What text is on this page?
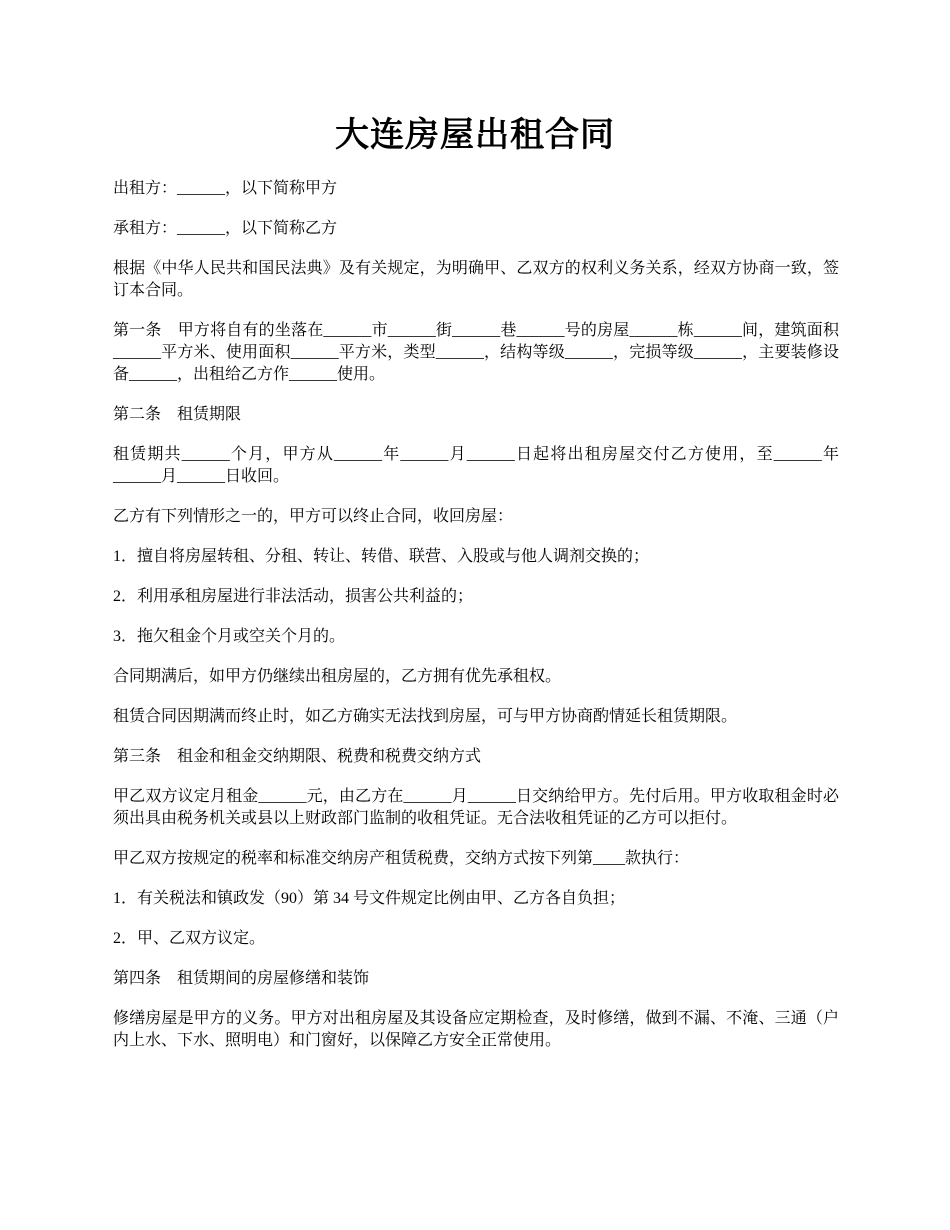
大连房屋出租合同

出租方：______，以下简称甲方

承租方：______，以下简称乙方

根据《中华人民共和国民法典》及有关规定，为明确甲、乙双方的权利义务关系，经双方协商一致，签订本合同。

第一条　甲方将自有的坐落在______市______街______巷______号的房屋______栋______间，建筑面积______平方米、使用面积______平方米，类型______，结构等级______，完损等级______，主要装修设备______，出租给乙方作______使用。

第二条　租赁期限

租赁期共______个月，甲方从______年______月______日起将出租房屋交付乙方使用，至______年______月______日收回。

乙方有下列情形之一的，甲方可以终止合同，收回房屋：

1．擅自将房屋转租、分租、转让、转借、联营、入股或与他人调剂交换的；

2．利用承租房屋进行非法活动，损害公共利益的；

3．拖欠租金个月或空关个月的。

合同期满后，如甲方仍继续出租房屋的，乙方拥有优先承租权。

租赁合同因期满而终止时，如乙方确实无法找到房屋，可与甲方协商酌情延长租赁期限。

第三条　租金和租金交纳期限、税费和税费交纳方式

甲乙双方议定月租金______元，由乙方在______月______日交纳给甲方。先付后用。甲方收取租金时必须出具由税务机关或县以上财政部门监制的收租凭证。无合法收租凭证的乙方可以拒付。

甲乙双方按规定的税率和标准交纳房产租赁税费，交纳方式按下列第____款执行：

1．有关税法和镇政发（90）第 34 号文件规定比例由甲、乙方各自负担；

2．甲、乙双方议定。

第四条　租赁期间的房屋修缮和装饰

修缮房屋是甲方的义务。甲方对出租房屋及其设备应定期检查，及时修缮，做到不漏、不淹、三通（户内上水、下水、照明电）和门窗好，以保障乙方安全正常使用。
